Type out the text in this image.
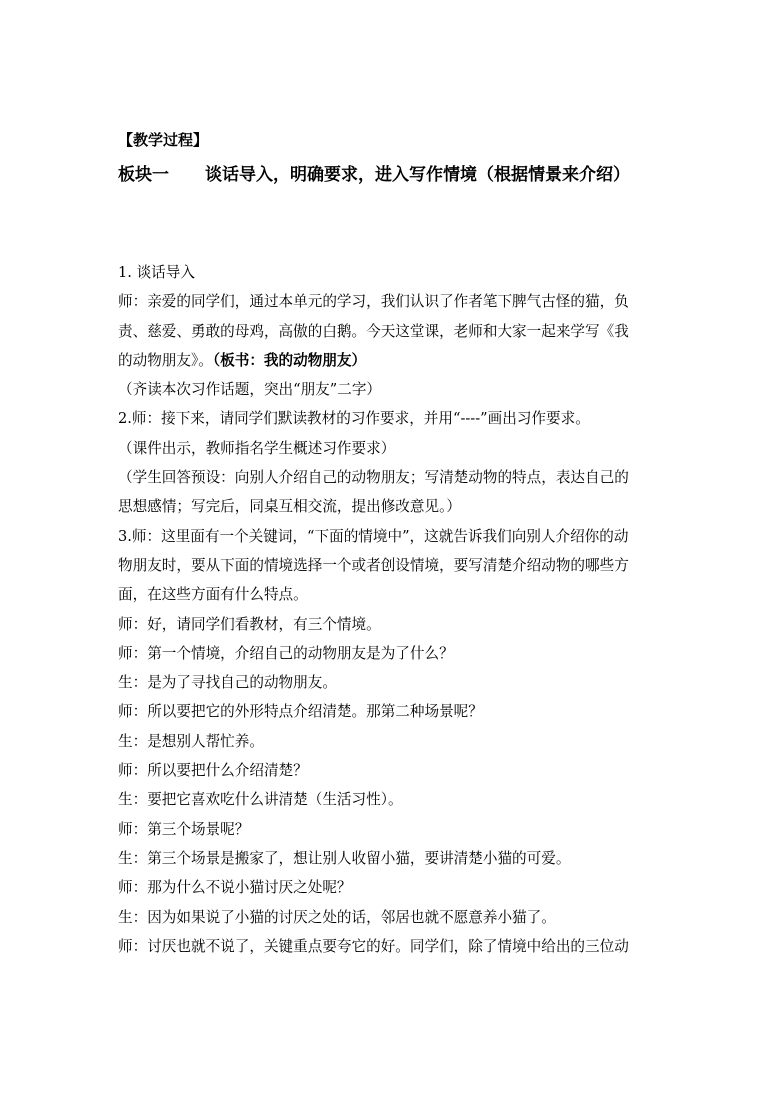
【教学过程】
板块一 谈话导入，明确要求，进入写作情境（根据情景来介绍）
1. 谈话导入
师：亲爱的同学们，通过本单元的学习，我们认识了作者笔下脾气古怪的猫，负
责、慈爱、勇敢的母鸡，高傲的白鹅。今天这堂课，老师和大家一起来学写《我
的动物朋友》。（板书：我的动物朋友）
（齐读本次习作话题，突出“朋友”二字）
2.师：接下来，请同学们默读教材的习作要求，并用“----”画出习作要求。
（课件出示，教师指名学生概述习作要求）
（学生回答预设：向别人介绍自己的动物朋友；写清楚动物的特点，表达自己的
思想感情；写完后，同桌互相交流，提出修改意见。）
3.师：这里面有一个关键词，“下面的情境中”，这就告诉我们向别人介绍你的动
物朋友时，要从下面的情境选择一个或者创设情境，要写清楚介绍动物的哪些方
面，在这些方面有什么特点。
师：好，请同学们看教材，有三个情境。
师：第一个情境，介绍自己的动物朋友是为了什么？
生：是为了寻找自己的动物朋友。
师：所以要把它的外形特点介绍清楚。那第二种场景呢？
生：是想别人帮忙养。
师：所以要把什么介绍清楚？
生：要把它喜欢吃什么讲清楚（生活习性）。
师：第三个场景呢？
生：第三个场景是搬家了，想让别人收留小猫，要讲清楚小猫的可爱。
师：那为什么不说小猫讨厌之处呢？
生：因为如果说了小猫的讨厌之处的话，邻居也就不愿意养小猫了。
师：讨厌也就不说了，关键重点要夸它的好。同学们，除了情境中给出的三位动
